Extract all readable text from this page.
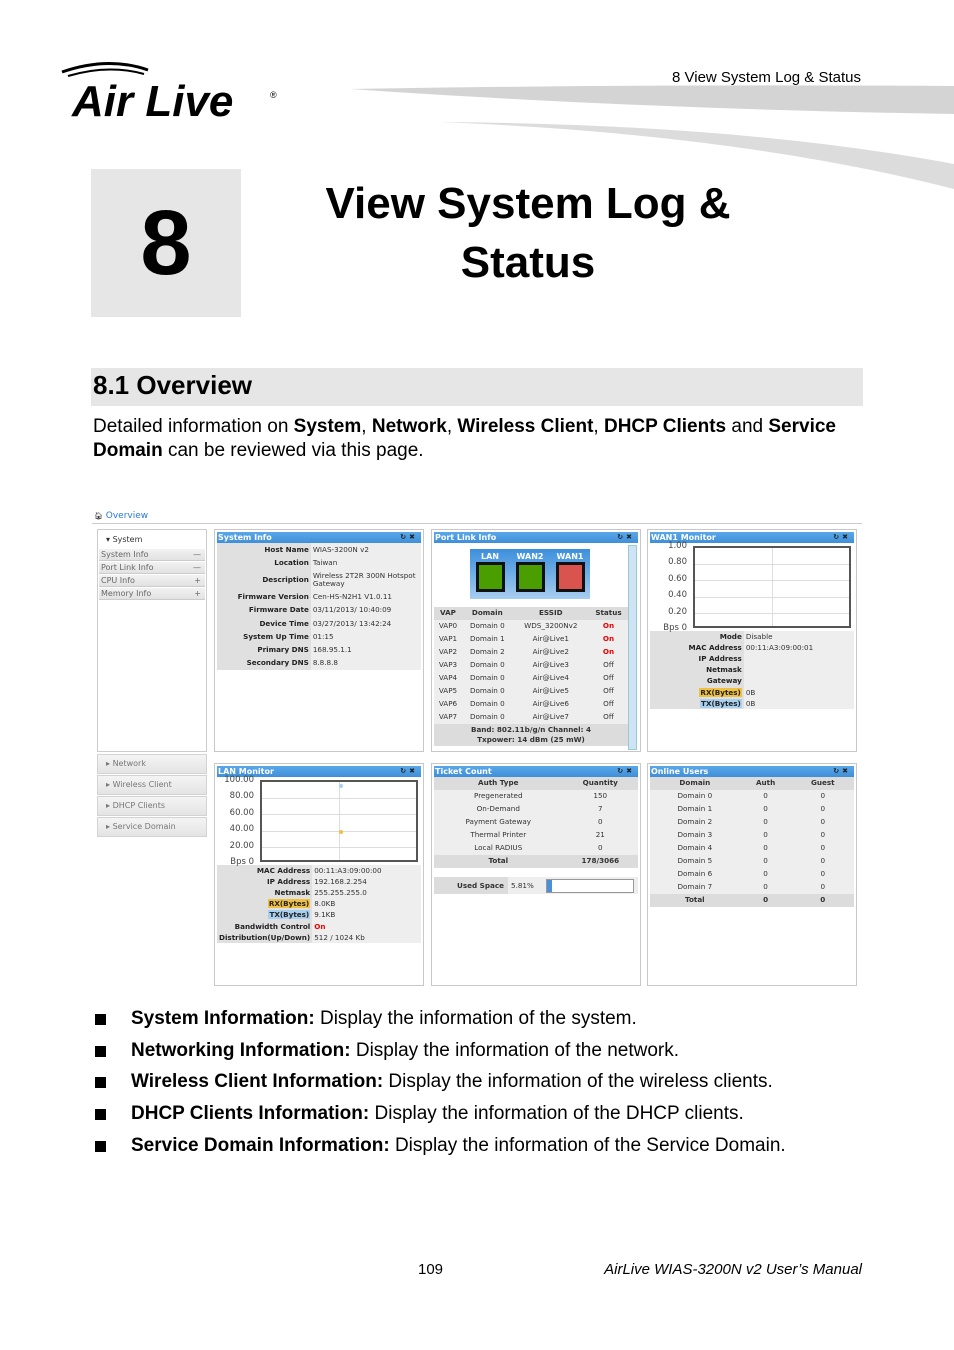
Air Live	®
8 View System Log & Status
8	View System Log &
Status
8.1 Overview
Detailed information on System, Network, Wireless Client, DHCP Clients and Service Domain can be reviewed via this page.
🏠︎ Overview
▾ System
System Info	—
Port Link Info	—
CPU Info	+
Memory Info	+
▸ Network
▸ Wireless Client
▸ DHCP Clients
▸ Service Domain
System Info	↻✖
Host Name	WIAS-3200N v2
Location	Taiwan
Description	Wireless 2T2R 300N Hotspot Gateway
Firmware Version	Cen-HS-N2H1 V1.0.11
Firmware Date	03/11/2013/ 10:40:09
Device Time	03/27/2013/ 13:42:24
System Up Time	01:15
Primary DNS	168.95.1.1
Secondary DNS	8.8.8.8
Port Link Info	↻✖
LAN	WAN2 WAN1
VAP	Domain	ESSID	Status
VAP0	Domain 0	WDS_3200Nv2	On
VAP1	Domain 1	Air@Live1	On
VAP2	Domain 2	Air@Live2	On
VAP3	Domain 0	Air@Live3	Off
VAP4	Domain 0	Air@Live4	Off
VAP5	Domain 0	Air@Live5	Off
VAP6	Domain 0	Air@Live6	Off
VAP7	Domain 0	Air@Live7	Off
Band: 802.11b/g/n Channel: 4
Txpower: 14 dBm (25 mW)
WAN1 Monitor	↻✖
1.00
0.80
0.60
0.40
0.20
Bps 0
Mode	Disable
MAC Address	00:11:A3:09:00:01
IP Address	
Netmask	
Gateway	
RX(Bytes)	0B
TX(Bytes)	0B
LAN Monitor	↻✖
100.00
80.00
60.00
40.00
20.00
Bps 0
MAC Address	00:11:A3:09:00:00
IP Address	192.168.2.254
Netmask	255.255.255.0
RX(Bytes)	8.0KB
TX(Bytes)	9.1KB
Bandwidth Control	On
Distribution(Up/Down)	512 / 1024 Kb
Ticket Count	↻✖
Auth Type	Quantity
Pregenerated	150
On-Demand	7
Payment Gateway	0
Thermal Printer	21
Local RADIUS	0
Total	178/3066
Used Space 5.81%
Online Users	↻✖
Domain	Auth	Guest
Domain 0	0	0
Domain 1	0	0
Domain 2	0	0
Domain 3	0	0
Domain 4	0	0
Domain 5	0	0
Domain 6	0	0
Domain 7	0	0
Total	0	0
System Information: Display the information of the system.
Networking Information: Display the information of the network.
Wireless Client Information: Display the information of the wireless clients.
DHCP Clients Information: Display the information of the DHCP clients.
Service Domain Information: Display the information of the Service Domain.
109	AirLive WIAS-3200N v2 User’s Manual
